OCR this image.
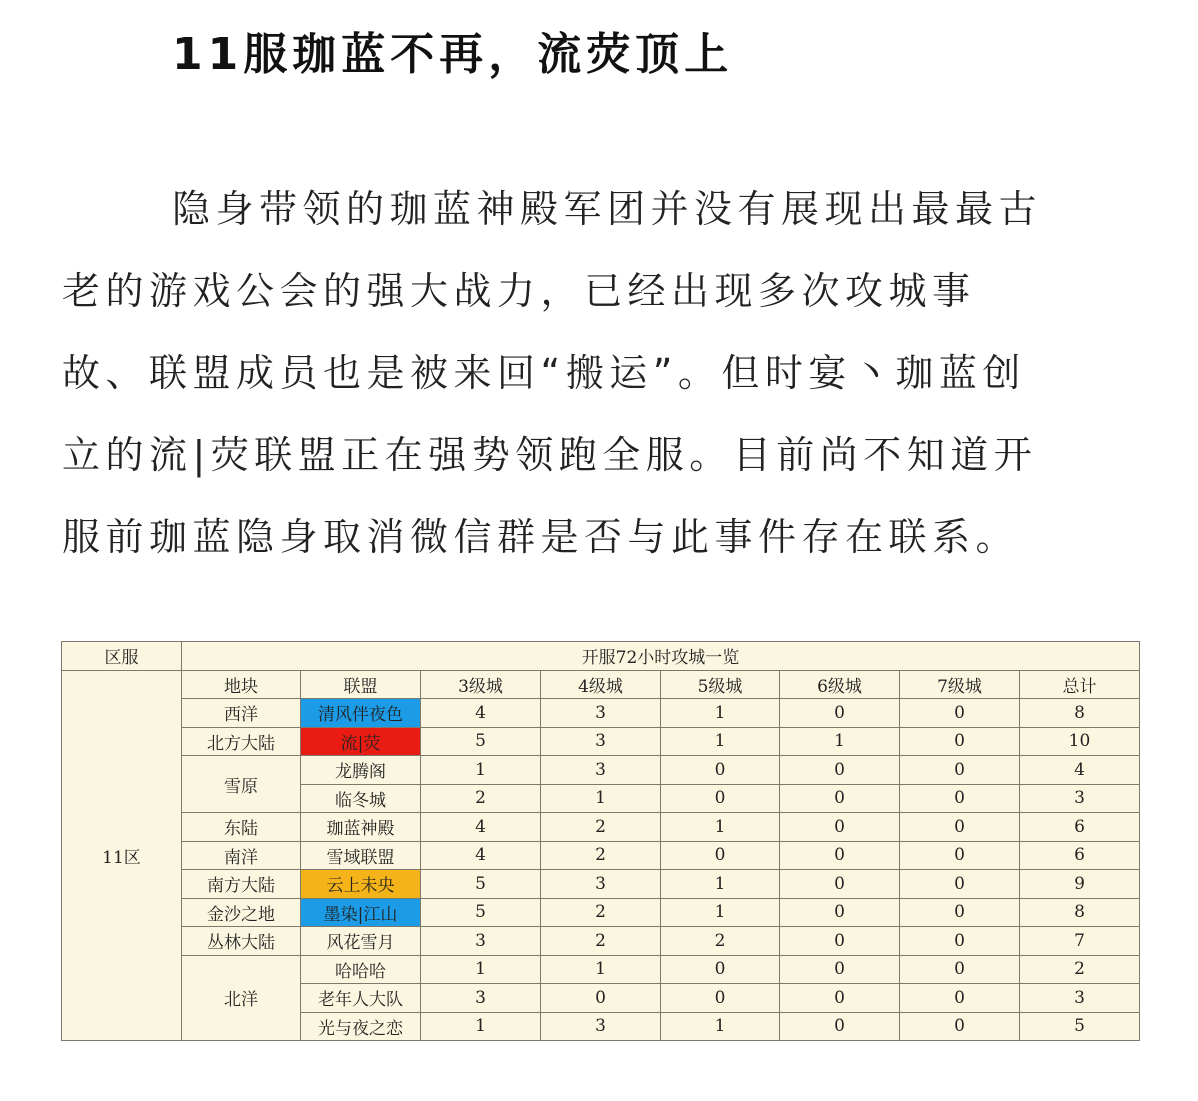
11服珈蓝不再，流荧顶上
隐身带领的珈蓝神殿军团并没有展现出最最古
老的游戏公会的强大战力，已经出现多次攻城事
故、联盟成员也是被来回“搬运”。但时宴丶珈蓝创
立的流|荧联盟正在强势领跑全服。目前尚不知道开
服前珈蓝隐身取消微信群是否与此事件存在联系。
区服	开服72小时攻城一览							
11区	地块	联盟	3级城	4级城	5级城	6级城	7级城	总计
	西洋	清风伴夜色	4	3	1	0	0	8
	北方大陆	流|荧	5	3	1	1	0	10
	雪原	龙腾阁	1	3	0	0	0	4
		临冬城	2	1	0	0	0	3
	东陆	珈蓝神殿	4	2	1	0	0	6
	南洋	雪域联盟	4	2	0	0	0	6
	南方大陆	云上未央	5	3	1	0	0	9
	金沙之地	墨染|江山	5	2	1	0	0	8
	丛林大陆	风花雪月	3	2	2	0	0	7
	北洋	哈哈哈	1	1	0	0	0	2
		老年人大队	3	0	0	0	0	3
		光与夜之恋	1	3	1	0	0	5
